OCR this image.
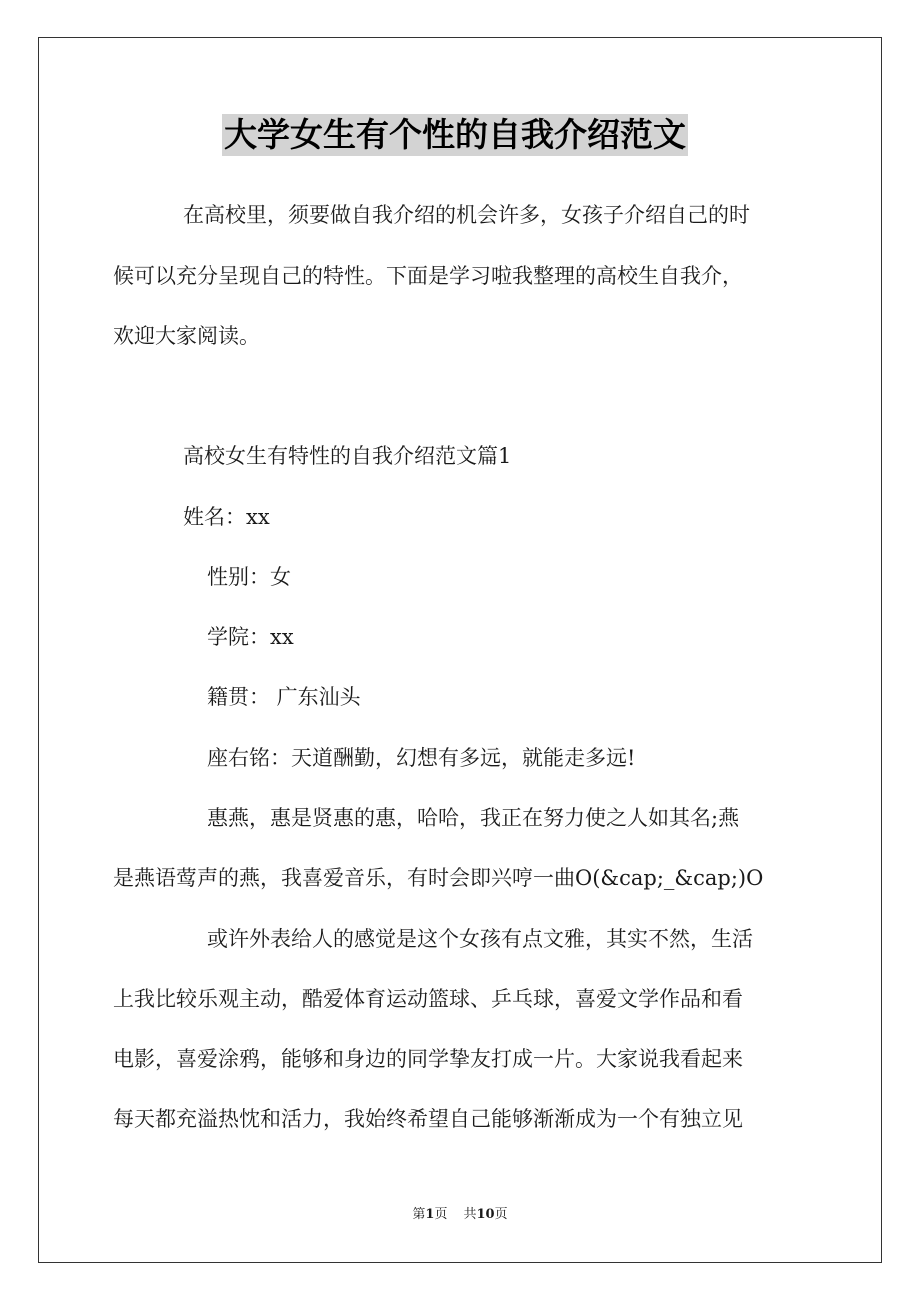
大学女生有个性的自我介绍范文
在高校里，须要做自我介绍的机会许多，女孩子介绍自己的时
候可以充分呈现自己的特性。下面是学习啦我整理的高校生自我介，
欢迎大家阅读。
高校女生有特性的自我介绍范文篇1
姓名：xx
性别：女
学院：xx
籍贯： 广东汕头
座右铭：天道酬勤，幻想有多远，就能走多远!
惠燕，惠是贤惠的惠，哈哈，我正在努力使之人如其名;燕
是燕语莺声的燕，我喜爱音乐，有时会即兴哼一曲O(&cap;_&cap;)O
或许外表给人的感觉是这个女孩有点文雅，其实不然，生活
上我比较乐观主动，酷爱体育运动篮球、乒乓球，喜爱文学作品和看
电影，喜爱涂鸦，能够和身边的同学挚友打成一片。大家说我看起来
每天都充溢热忱和活力，我始终希望自己能够渐渐成为一个有独立见
第1页 共10页
